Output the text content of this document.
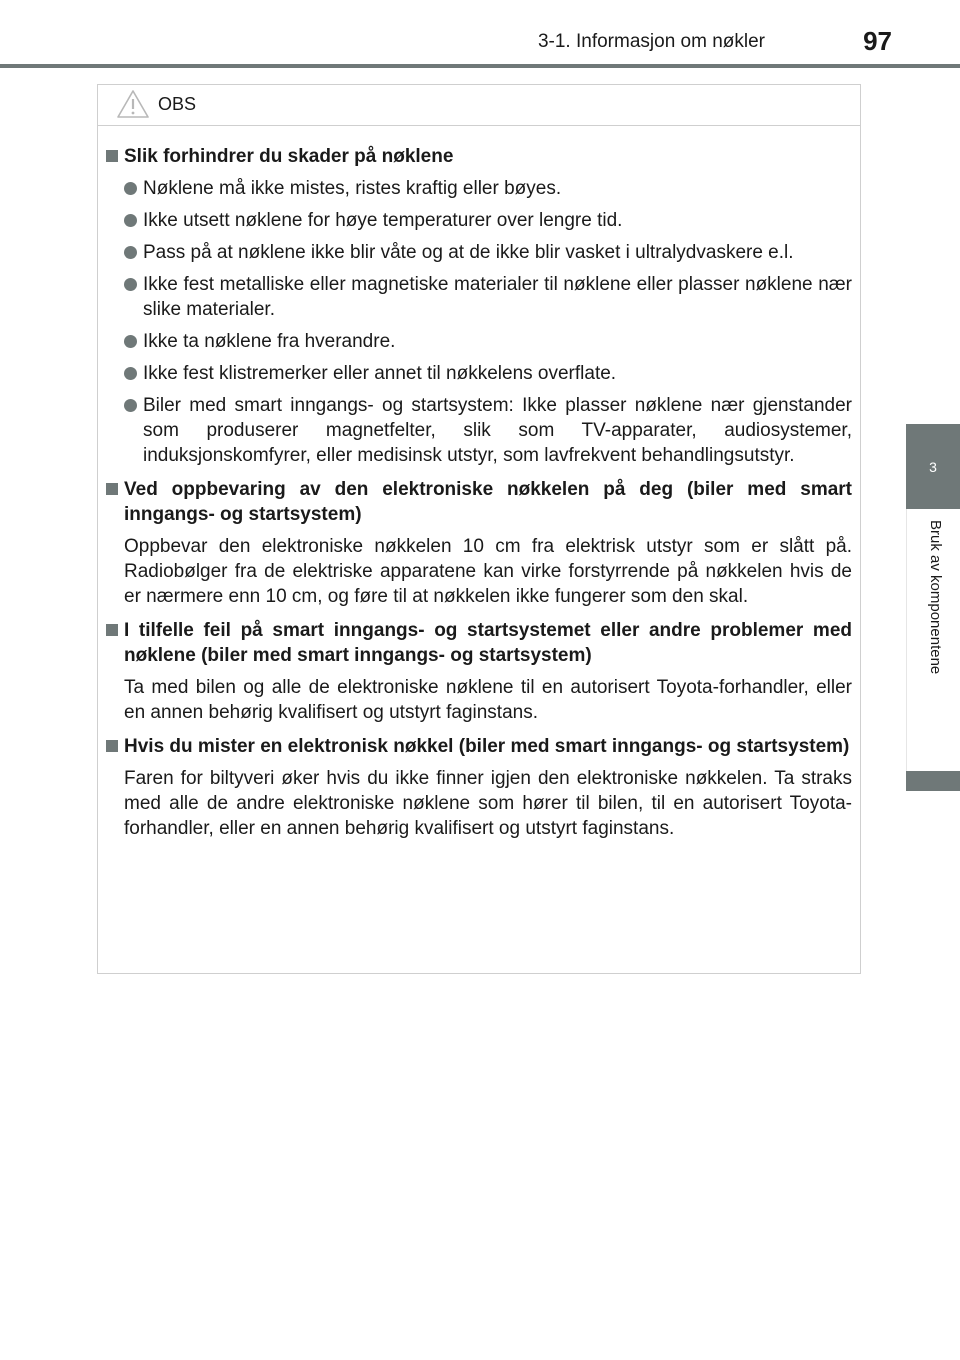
3-1. Informasjon om nøkler	97
3
Bruk av komponentene
OBS
Slik forhindrer du skader på nøklene
Nøklene må ikke mistes, ristes kraftig eller bøyes.
Ikke utsett nøklene for høye temperaturer over lengre tid.
Pass på at nøklene ikke blir våte og at de ikke blir vasket i ultralydvaskere e.l.
Ikke fest metalliske eller magnetiske materialer til nøklene eller plasser nøklene nær slike materialer.
Ikke ta nøklene fra hverandre.
Ikke fest klistremerker eller annet til nøkkelens overflate.
Biler med smart inngangs- og startsystem: Ikke plasser nøklene nær gjenstander som produserer magnetfelter, slik som TV-apparater, audiosystemer, induksjonskomfyrer, eller medisinsk utstyr, som lavfrekvent behandlingsutstyr.
Ved oppbevaring av den elektroniske nøkkelen på deg (biler med smart inngangs- og startsystem)
Oppbevar den elektroniske nøkkelen 10 cm fra elektrisk utstyr som er slått på. Radiobølger fra de elektriske apparatene kan virke forstyrrende på nøkkelen hvis de er nærmere enn 10 cm, og føre til at nøkkelen ikke fungerer som den skal.
I tilfelle feil på smart inngangs- og startsystemet eller andre problemer med nøklene (biler med smart inngangs- og startsystem)
Ta med bilen og alle de elektroniske nøklene til en autorisert Toyota-forhandler, eller en annen behørig kvalifisert og utstyrt faginstans.
Hvis du mister en elektronisk nøkkel (biler med smart inngangs- og startsystem)
Faren for biltyveri øker hvis du ikke finner igjen den elektroniske nøkkelen. Ta straks med alle de andre elektroniske nøklene som hører til bilen, til en autorisert Toyota-forhandler, eller en annen behørig kvalifisert og utstyrt faginstans.
